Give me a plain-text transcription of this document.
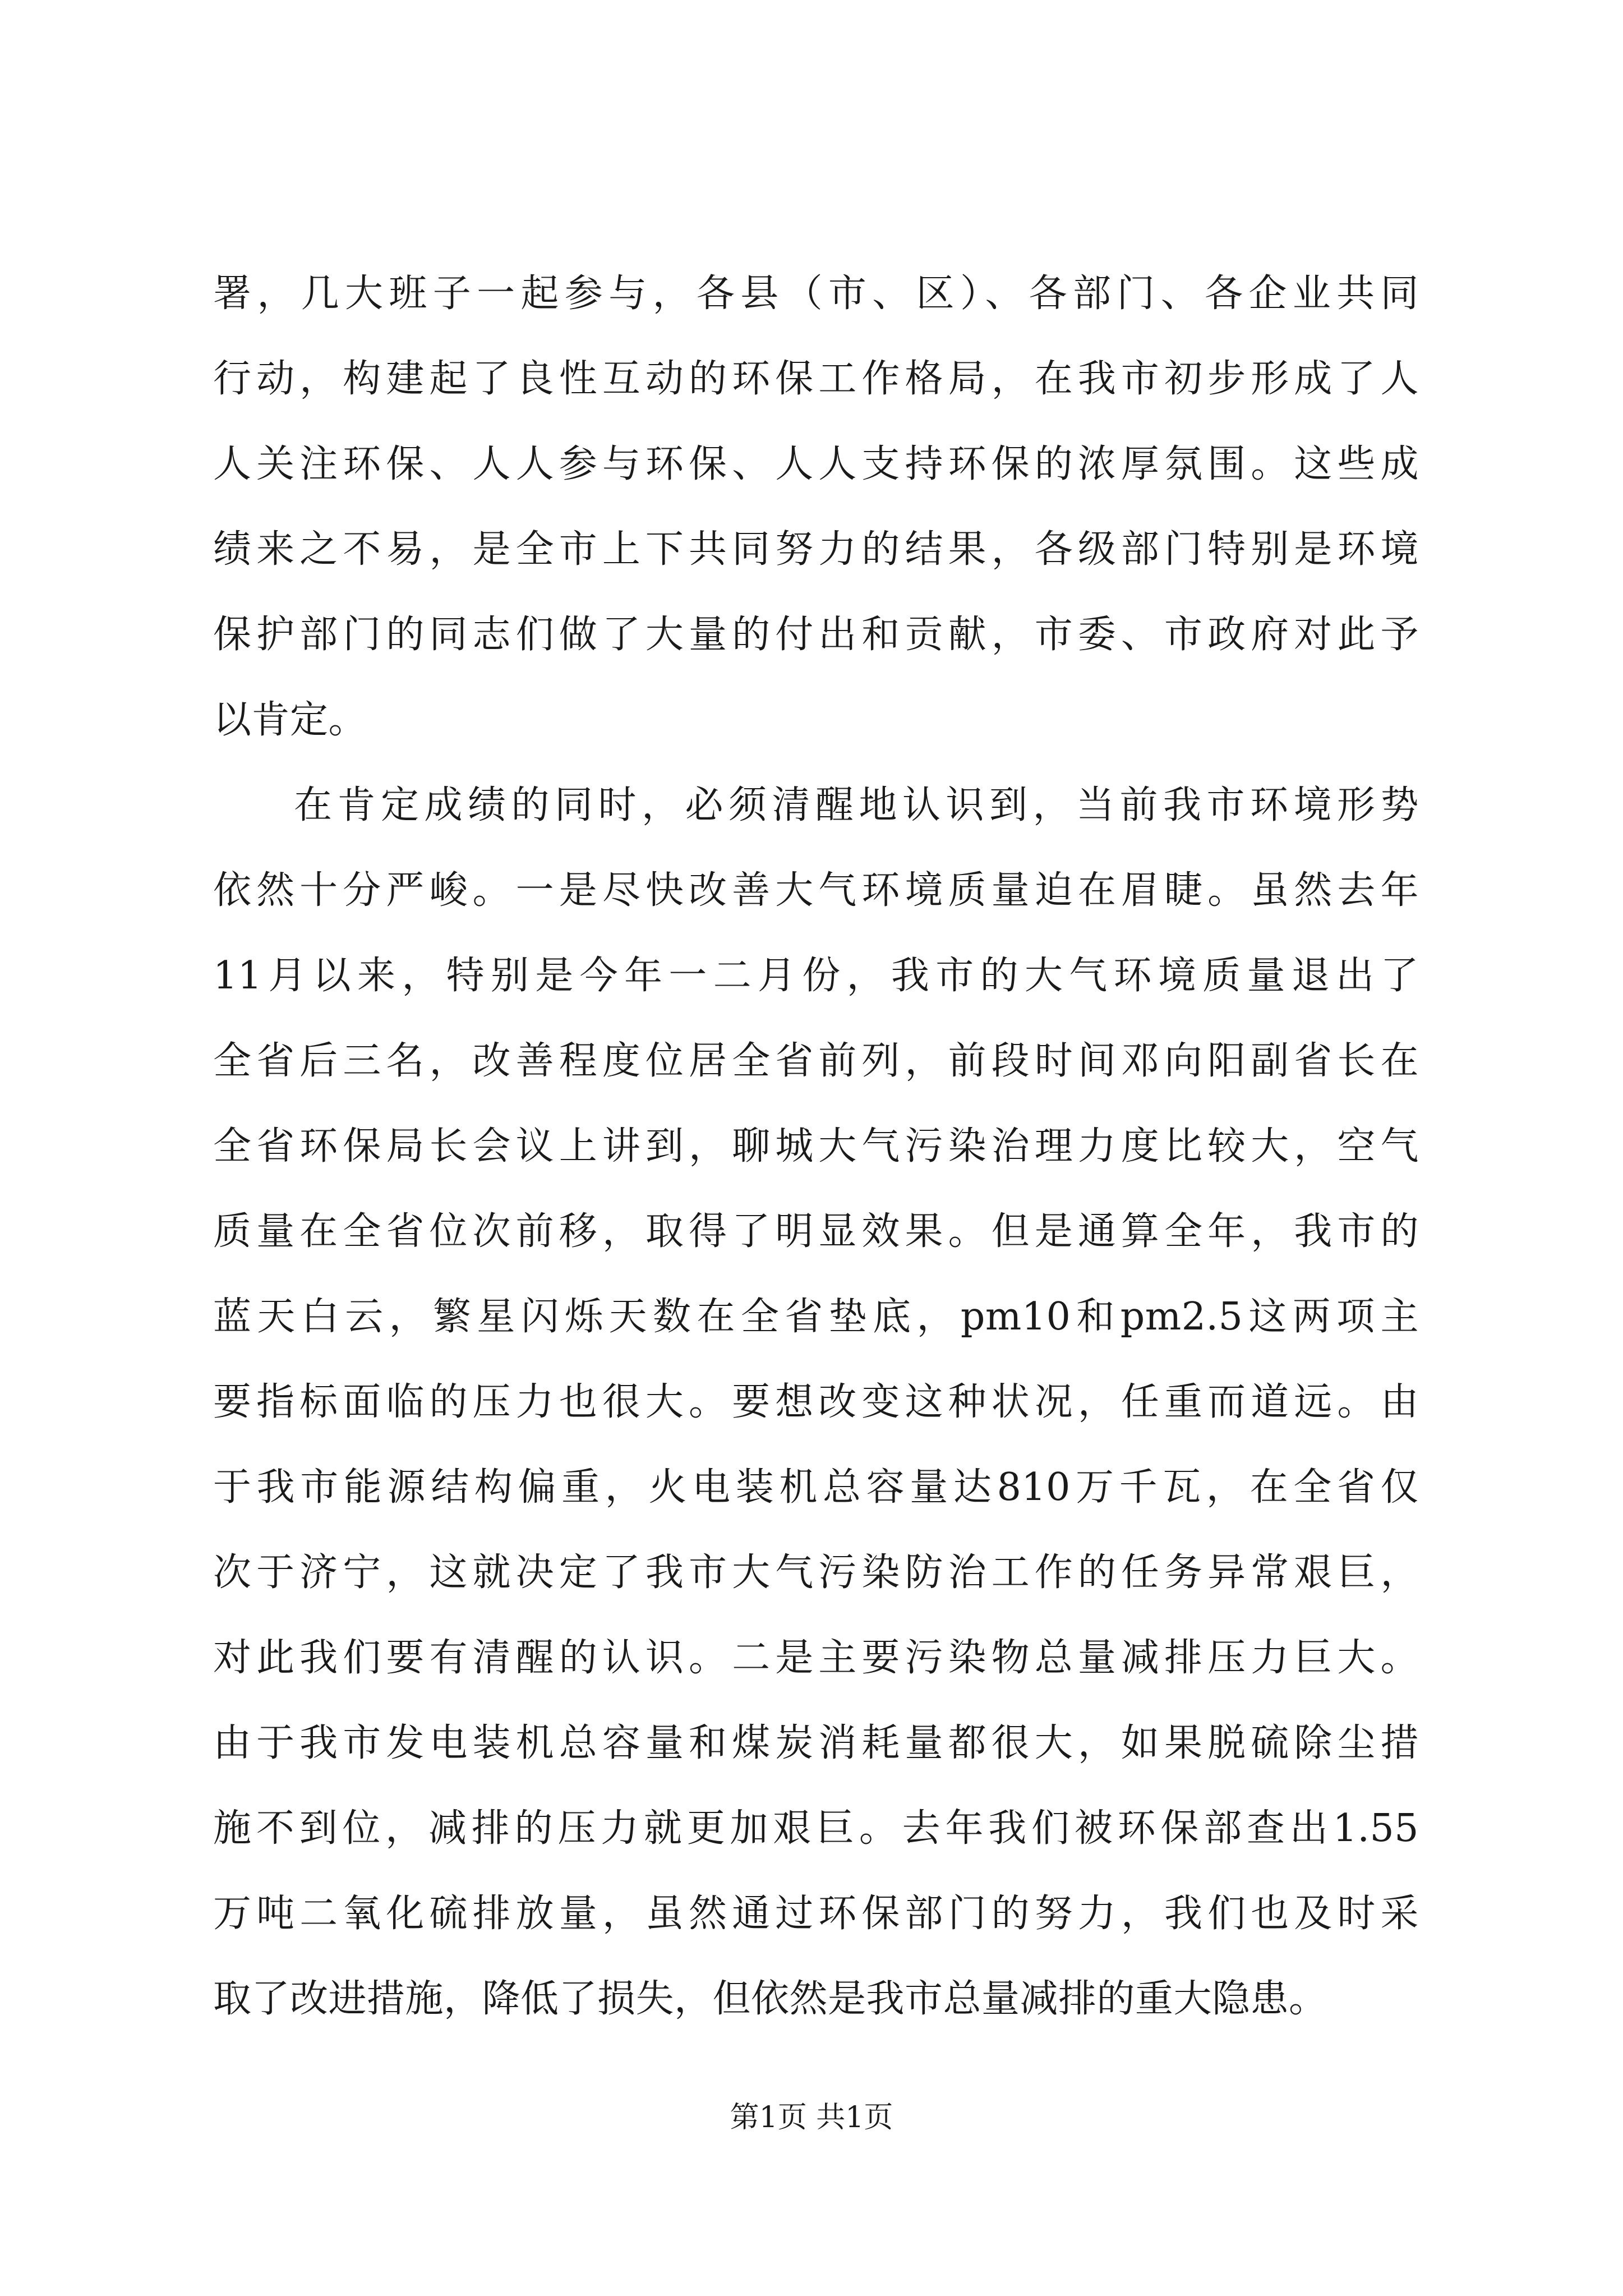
署，几大班子一起参与，各县（市、区）、各部门、各企业共同
行动，构建起了良性互动的环保工作格局，在我市初步形成了人
人关注环保、人人参与环保、人人支持环保的浓厚氛围。这些成
绩来之不易，是全市上下共同努力的结果，各级部门特别是环境
保护部门的同志们做了大量的付出和贡献，市委、市政府对此予
以肯定。
在肯定成绩的同时，必须清醒地认识到，当前我市环境形势
依然十分严峻。一是尽快改善大气环境质量迫在眉睫。虽然去年
11月以来，特别是今年一二月份，我市的大气环境质量退出了
全省后三名，改善程度位居全省前列，前段时间邓向阳副省长在
全省环保局长会议上讲到，聊城大气污染治理力度比较大，空气
质量在全省位次前移，取得了明显效果。但是通算全年，我市的
蓝天白云，繁星闪烁天数在全省垫底，pm10和pm2.5这两项主
要指标面临的压力也很大。要想改变这种状况，任重而道远。由
于我市能源结构偏重，火电装机总容量达810万千瓦，在全省仅
次于济宁，这就决定了我市大气污染防治工作的任务异常艰巨，
对此我们要有清醒的认识。二是主要污染物总量减排压力巨大。
由于我市发电装机总容量和煤炭消耗量都很大，如果脱硫除尘措
施不到位，减排的压力就更加艰巨。去年我们被环保部查出1.55
万吨二氧化硫排放量，虽然通过环保部门的努力，我们也及时采
取了改进措施，降低了损失，但依然是我市总量减排的重大隐患。
第1页 共1页
